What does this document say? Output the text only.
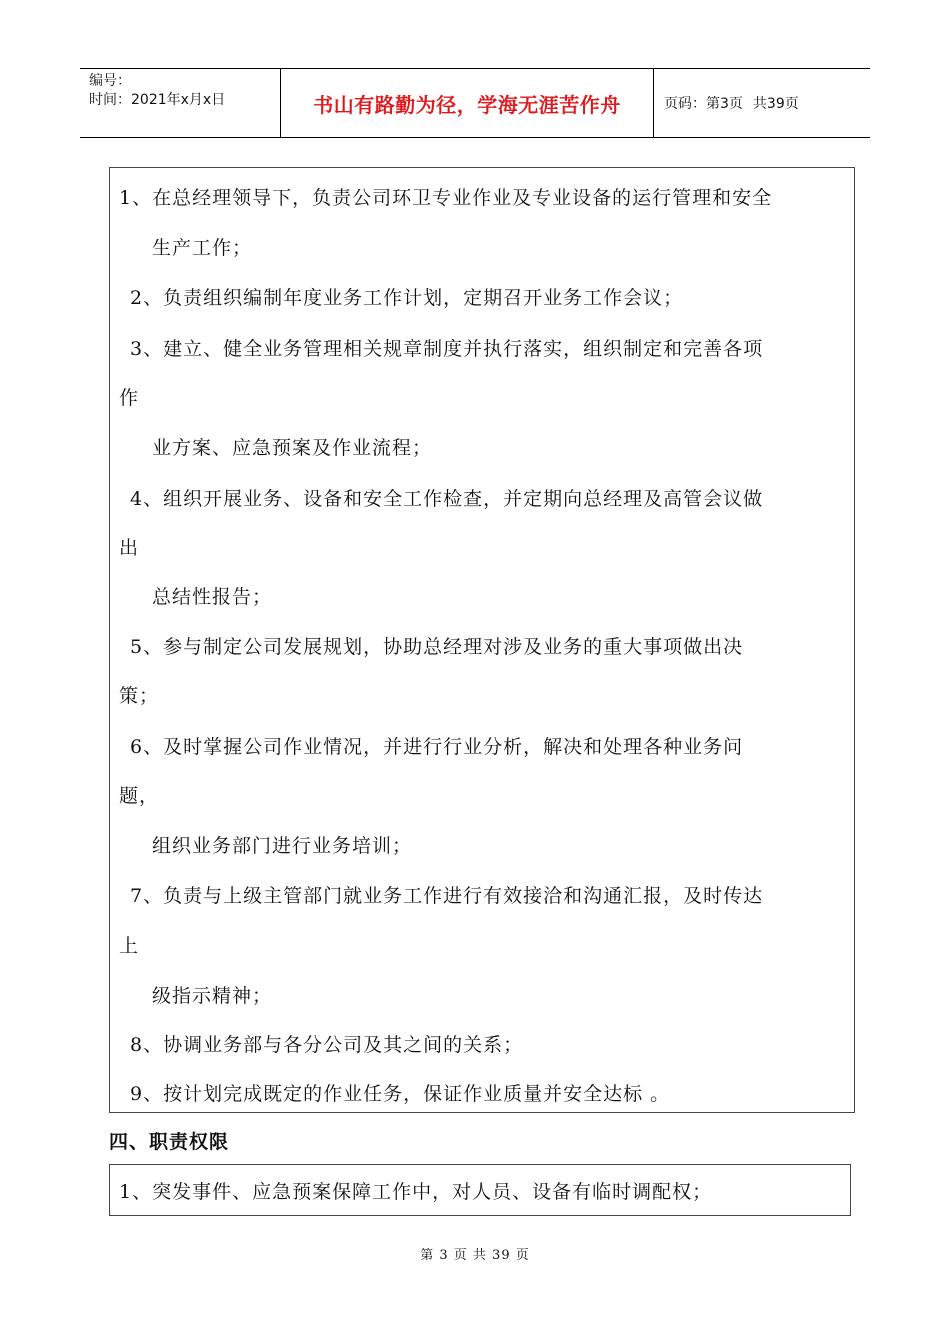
编号：
时间：2021年x月x日	书山有路勤为径，学海无涯苦作舟	页码：第3页 共39页
1、在总经理领导下，负责公司环卫专业作业及专业设备的运行管理和安全
生产工作；
2、负责组织编制年度业务工作计划，定期召开业务工作会议；
3、建立、健全业务管理相关规章制度并执行落实，组织制定和完善各项
作
业方案、应急预案及作业流程；
4、组织开展业务、设备和安全工作检查，并定期向总经理及高管会议做
出
总结性报告；
5、参与制定公司发展规划，协助总经理对涉及业务的重大事项做出决
策；
6、及时掌握公司作业情况，并进行行业分析，解决和处理各种业务问
题，
组织业务部门进行业务培训；
7、负责与上级主管部门就业务工作进行有效接洽和沟通汇报，及时传达
上
级指示精神；
8、协调业务部与各分公司及其之间的关系；
9、按计划完成既定的作业任务，保证作业质量并安全达标 。
四、职责权限
1、突发事件、应急预案保障工作中，对人员、设备有临时调配权；
第 3 页 共 39 页
